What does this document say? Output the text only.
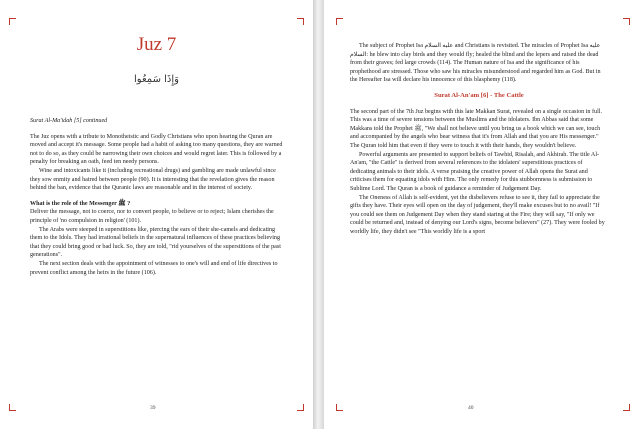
Juz 7
وَإِذَا سَمِعُوا

Surat Al-Ma'idah [5] continued

The Juz opens with a tribute to Monotheistic and Godly Christians who upon hearing the Quran are moved and accept it's message. Some people had a habit of asking too many questions, they are warned not to do so, as they could be narrowing their own choices and would regret later. This is followed by a penalty for breaking an oath, feed ten needy persons.

Wine and intoxicants like it (including recreational drugs) and gambling are made unlawful since they sow enmity and hatred between people (90). It is interesting that the revelation gives the reason behind the ban, evidence that the Quranic laws are reasonable and in the interest of society.

What is the role of the Messenger ﷺ ?

Deliver the message, not to coerce, nor to convert people, to believe or to reject; Islam cherishes the principle of 'no compulsion in religion' (101).

The Arabs were steeped in superstitions like, piercing the ears of their she-camels and dedicating them to the Idols. They had irrational beliefs in the supernatural influences of these practices believing that they could bring good or bad luck. So, they are told, "rid yourselves of the superstitions of the past generations".

The next section deals with the appointment of witnesses to one's will and end of life directives to prevent conflict among the heirs in the future (106).

39

The subject of Prophet Isa عليه السلام and Christians is revisited. The miracles of Prophet Isa عليه السلام: he blew into clay birds and they would fly; healed the blind and the lepers and raised the dead from their graves; fed large crowds (114). The Human nature of Isa and the significance of his prophethood are stressed. Those who saw his miracles misunderstood and regarded him as God. But in the Hereafter Isa will declare his innocence of this blasphemy (118).

Surat Al-An'am [6] - The Cattle

The second part of the 7th Juz begins with this late Makkan Surat, revealed on a single occasion in full. This was a time of severe tensions between the Muslims and the idolaters. Ibn Abbas said that some Makkans told the Prophet ﷺ, "We shall not believe until you bring us a book which we can see, touch and accompanied by the angels who bear witness that it's from Allah and that you are His messenger." The Quran told him that even if they were to touch it with their hands, they wouldn't believe.

Powerful arguments are presented to support beliefs of Tawhid, Risalah, and Akhirah. The title Al-An'am, "the Cattle" is derived from several references to the idolaters' superstitious practices of dedicating animals to their idols. A verse praising the creative power of Allah opens the Surat and criticises them for equating idols with Him. The only remedy for this stubbornness is submission to Sublime Lord. The Quran is a book of guidance a reminder of Judgement Day.

The Oneness of Allah is self-evident, yet the disbelievers refuse to see it, they fail to appreciate the gifts they have. Their eyes will open on the day of judgement, they'll make excuses but to no avail! "If you could see them on Judgement Day when they stand staring at the Fire; they will say, "If only we could be returned and, instead of denying our Lord's signs, become believers" (27). They were fooled by worldly life, they didn't see "This worldly life is a sport

40
